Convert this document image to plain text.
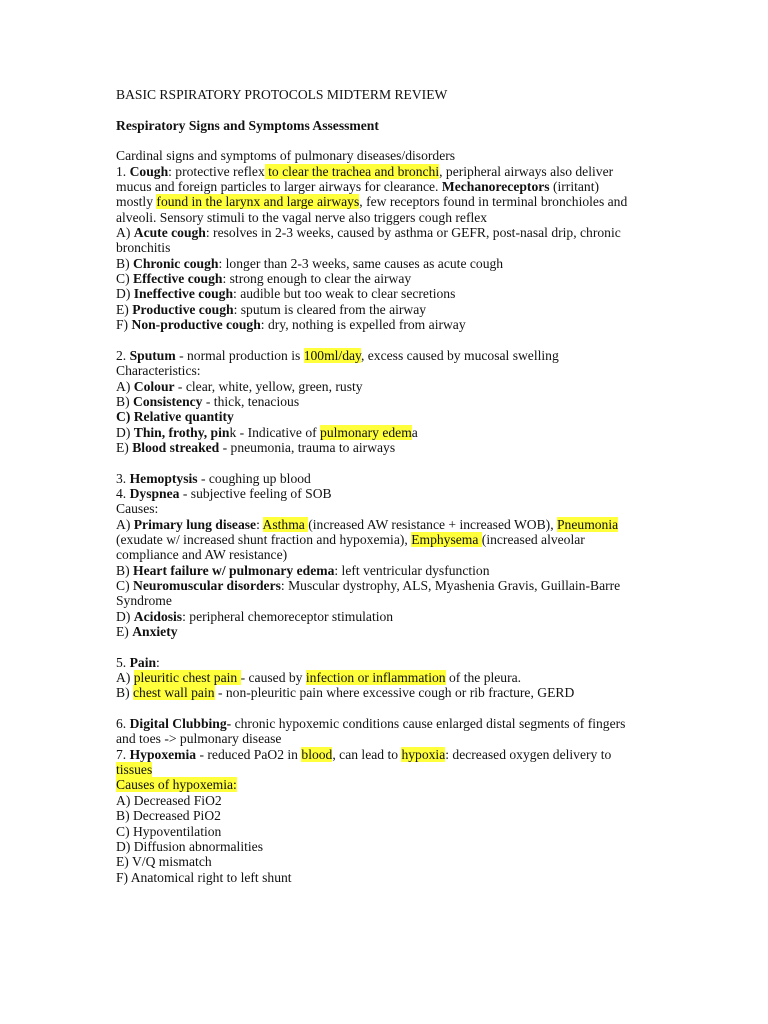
BASIC RSPIRATORY PROTOCOLS MIDTERM REVIEW
Respiratory Signs and Symptoms Assessment
Cardinal signs and symptoms of pulmonary diseases/disorders
1. Cough: protective reflex to clear the trachea and bronchi, peripheral airways also deliver
mucus and foreign particles to larger airways for clearance. Mechanoreceptors (irritant)
mostly found in the larynx and large airways, few receptors found in terminal bronchioles and
alveoli. Sensory stimuli to the vagal nerve also triggers cough reflex
A) Acute cough: resolves in 2-3 weeks, caused by asthma or GEFR, post-nasal drip, chronic
bronchitis
B) Chronic cough: longer than 2-3 weeks, same causes as acute cough
C) Effective cough: strong enough to clear the airway
D) Ineffective cough: audible but too weak to clear secretions
E) Productive cough: sputum is cleared from the airway
F) Non-productive cough: dry, nothing is expelled from airway

2. Sputum - normal production is 100ml/day, excess caused by mucosal swelling
Characteristics:
A) Colour - clear, white, yellow, green, rusty
B) Consistency - thick, tenacious
C) Relative quantity
D) Thin, frothy, pink - Indicative of pulmonary edema
E) Blood streaked - pneumonia, trauma to airways

3. Hemoptysis - coughing up blood
4. Dyspnea - subjective feeling of SOB
Causes:
A) Primary lung disease: Asthma (increased AW resistance + increased WOB), Pneumonia
(exudate w/ increased shunt fraction and hypoxemia), Emphysema (increased alveolar
compliance and AW resistance)
B) Heart failure w/ pulmonary edema: left ventricular dysfunction
C) Neuromuscular disorders: Muscular dystrophy, ALS, Myashenia Gravis, Guillain-Barre
Syndrome
D) Acidosis: peripheral chemoreceptor stimulation
E) Anxiety

5. Pain:
A) pleuritic chest pain - caused by infection or inflammation of the pleura.
B) chest wall pain - non-pleuritic pain where excessive cough or rib fracture, GERD

6. Digital Clubbing- chronic hypoxemic conditions cause enlarged distal segments of fingers
and toes -> pulmonary disease
7. Hypoxemia - reduced PaO2 in blood, can lead to hypoxia: decreased oxygen delivery to
tissues
Causes of hypoxemia:
A) Decreased FiO2
B) Decreased PiO2
C) Hypoventilation
D) Diffusion abnormalities
E) V/Q mismatch
F) Anatomical right to left shunt
